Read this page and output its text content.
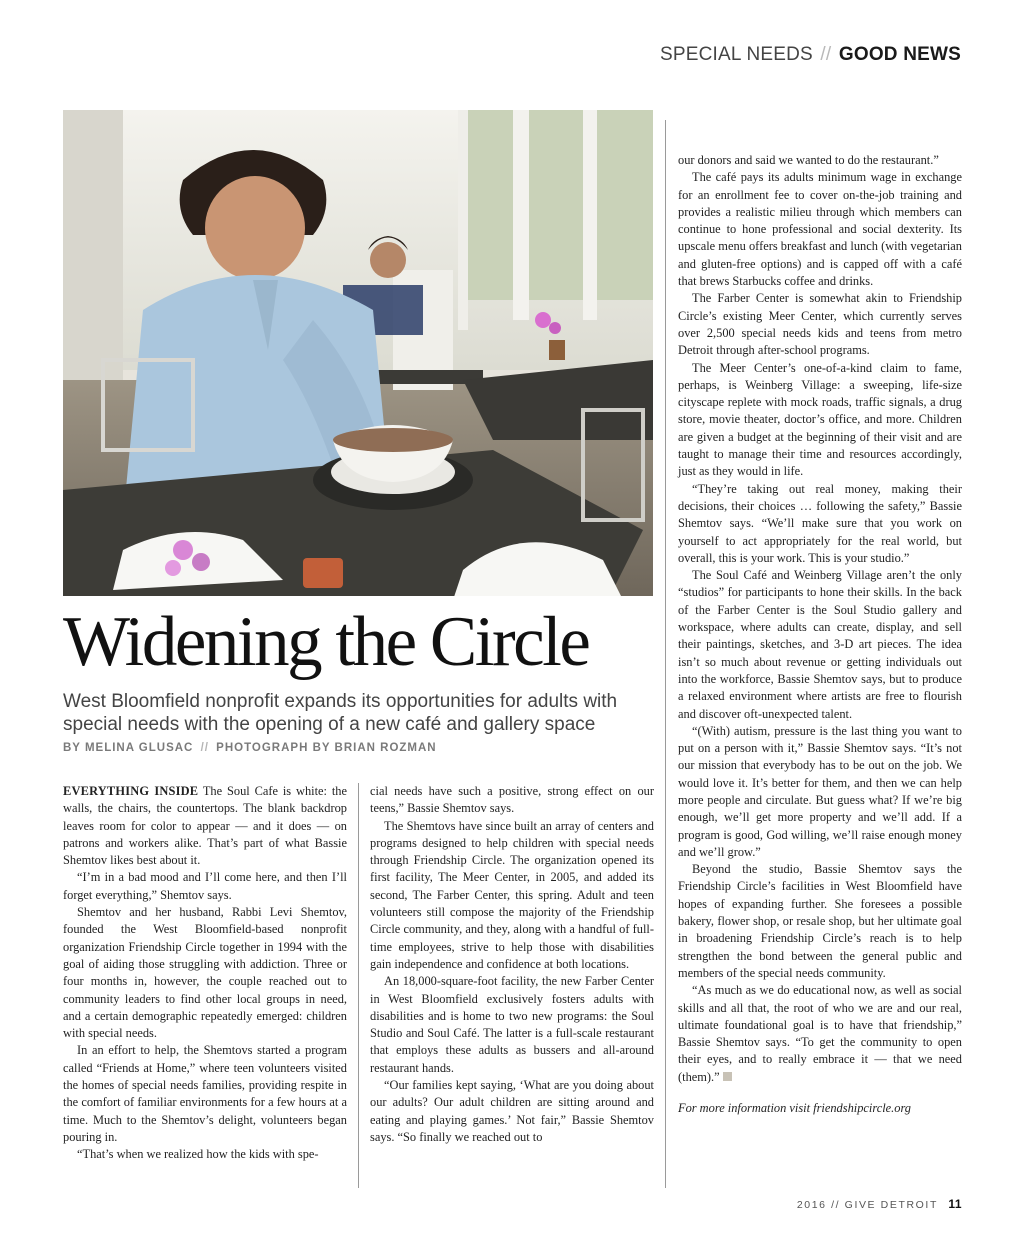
SPECIAL NEEDS // GOOD NEWS
Widening the Circle
West Bloomfield nonprofit expands its opportunities for adults with special needs with the opening of a new café and gallery space
BY MELINA GLUSAC // PHOTOGRAPH BY BRIAN ROZMAN

EVERYTHING INSIDE The Soul Cafe is white: the walls, the chairs, the countertops. The blank backdrop leaves room for color to appear — and it does — on patrons and workers alike. That’s part of what Bassie Shemtov likes best about it.

“I’m in a bad mood and I’ll come here, and then I’ll forget everything,” Shemtov says.

Shemtov and her husband, Rabbi Levi Shemtov, founded the West Bloomfield-based nonprofit organization Friendship Circle together in 1994 with the goal of aiding those struggling with addiction. Three or four months in, however, the couple reached out to community leaders to find other local groups in need, and a certain demographic repeatedly emerged: children with special needs.

In an effort to help, the Shemtovs started a program called “Friends at Home,” where teen volunteers visited the homes of special needs families, providing respite in the comfort of familiar environments for a few hours at a time. Much to the Shemtov’s delight, volunteers began pouring in.

“That’s when we realized how the kids with spe-

cial needs have such a positive, strong effect on our teens,” Bassie Shemtov says.

The Shemtovs have since built an array of centers and programs designed to help children with special needs through Friendship Circle. The organization opened its first facility, The Meer Center, in 2005, and added its second, The Farber Center, this spring. Adult and teen volunteers still compose the majority of the Friendship Circle community, and they, along with a handful of full-time employees, strive to help those with disabilities gain independence and confidence at both locations.

An 18,000-square-foot facility, the new Farber Center in West Bloomfield exclusively fosters adults with disabilities and is home to two new programs: the Soul Studio and Soul Café. The latter is a full-scale restaurant that employs these adults as bussers and all-around restaurant hands.

“Our families kept saying, ‘What are you doing about our adults? Our adult children are sitting around and eating and playing games.’ Not fair,” Bassie Shemtov says. “So finally we reached out to

our donors and said we wanted to do the restaurant.”

The café pays its adults minimum wage in exchange for an enrollment fee to cover on-the-job training and provides a realistic milieu through which members can continue to hone professional and social dexterity. Its upscale menu offers breakfast and lunch (with vegetarian and gluten-free options) and is capped off with a café that brews Starbucks coffee and drinks.

The Farber Center is somewhat akin to Friendship Circle’s existing Meer Center, which currently serves over 2,500 special needs kids and teens from metro Detroit through after-school programs.

The Meer Center’s one-of-a-kind claim to fame, perhaps, is Weinberg Village: a sweeping, life-size cityscape replete with mock roads, traffic signals, a drug store, movie theater, doctor’s office, and more. Children are given a budget at the beginning of their visit and are taught to manage their time and resources accordingly, just as they would in life.

“They’re taking out real money, making their decisions, their choices … following the safety,” Bassie Shemtov says. “We’ll make sure that you work on yourself to act appropriately for the real world, but overall, this is your work. This is your studio.”

The Soul Café and Weinberg Village aren’t the only “studios” for participants to hone their skills. In the back of the Farber Center is the Soul Studio gallery and workspace, where adults can create, display, and sell their paintings, sketches, and 3-D art pieces. The idea isn’t so much about revenue or getting individuals out into the workforce, Bassie Shemtov says, but to produce a relaxed environment where artists are free to flourish and discover oft-unexpected talent.

“(With) autism, pressure is the last thing you want to put on a person with it,” Bassie Shemtov says. “It’s not our mission that everybody has to be out on the job. We would love it. It’s better for them, and then we can help more people and circulate. But guess what? If we’re big enough, we’ll get more property and we’ll add. If a program is good, God willing, we’ll raise enough money and we’ll grow.”

Beyond the studio, Bassie Shemtov says the Friendship Circle’s facilities in West Bloomfield have hopes of expanding further. She foresees a possible bakery, flower shop, or resale shop, but her ultimate goal in broadening Friendship Circle’s reach is to help strengthen the bond between the general public and members of the special needs community.

“As much as we do educational now, as well as social skills and all that, the root of who we are and our real, ultimate foundational goal is to have that friendship,” Bassie Shemtov says. “To get the community to open their eyes, and to really embrace it — that we need (them).”

For more information visit friendshipcircle.org

2016 // GIVE DETROIT 11
